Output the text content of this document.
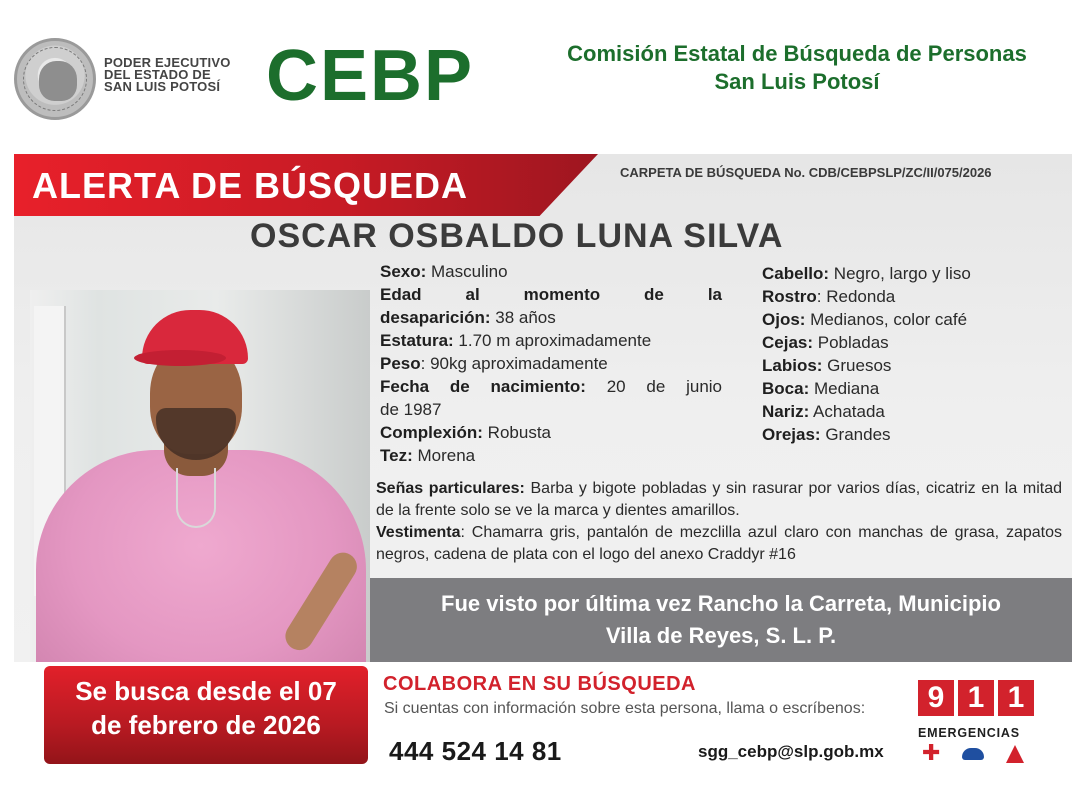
PODER EJECUTIVO
DEL ESTADO DE
SAN LUIS POTOSÍ CEBP	Comisión Estatal de Búsqueda de Personas
San Luis Potosí
ALERTA DE BÚSQUEDA	CARPETA DE BÚSQUEDA No. CDB/CEBPSLP/ZC/II/075/2026
OSCAR OSBALDO LUNA SILVA
Sexo: Masculino
Edad al momento de la
desaparición: 38 años
Estatura: 1.70 m aproximadamente
Peso: 90kg aproximadamente
Fecha de nacimiento: 20 de junio
de 1987
Complexión: Robusta
Tez: Morena
Cabello: Negro, largo y liso
Rostro: Redonda
Ojos: Medianos, color café
Cejas: Pobladas
Labios: Gruesos
Boca: Mediana
Nariz: Achatada
Orejas: Grandes

Señas particulares: Barba y bigote pobladas y sin rasurar por varios días, cicatriz en la mitad de la frente solo se ve la marca y dientes amarillos.

Vestimenta: Chamarra gris, pantalón de mezclilla azul claro con manchas de grasa, zapatos negros, cadena de plata con el logo del anexo Craddyr #16

Fue visto por última vez Rancho la Carreta, Municipio
Villa de Reyes, S. L. P.
Se busca desde el 07
de febrero de 2026
COLABORA EN SU BÚSQUEDA
Si cuentas con información sobre esta persona, llama o escríbenos:
444 524 14 81	sgg_cebp@slp.gob.mx
9 1 1
EMERGENCIAS
✚
